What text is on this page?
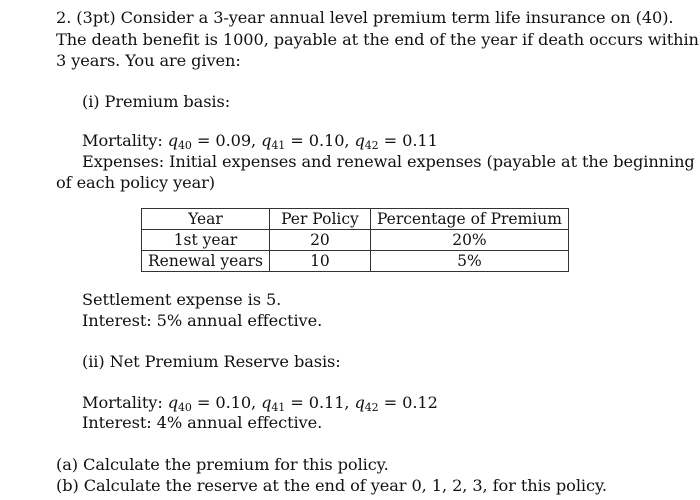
2. (3pt) Consider a 3-year annual level premium term life insurance on (40).
The death benefit is 1000, payable at the end of the year if death occurs within
3 years. You are given:
(i) Premium basis:
Mortality: $q_{40} = 0.09$, $q_{41} = 0.10$, $q_{42} = 0.11$
Expenses: Initial expenses and renewal expenses (payable at the beginning
of each policy year)
Year	Per Policy	Percentage of Premium
1st year	20	20%
Renewal years	10	5%
Settlement expense is 5.
Interest: 5% annual effective.
(ii) Net Premium Reserve basis:
Mortality: $q_{40} = 0.10$, $q_{41} = 0.11$, $q_{42} = 0.12$
Interest: 4% annual effective.
(a) Calculate the premium for this policy.
(b) Calculate the reserve at the end of year 0, 1, 2, 3, for this policy.
